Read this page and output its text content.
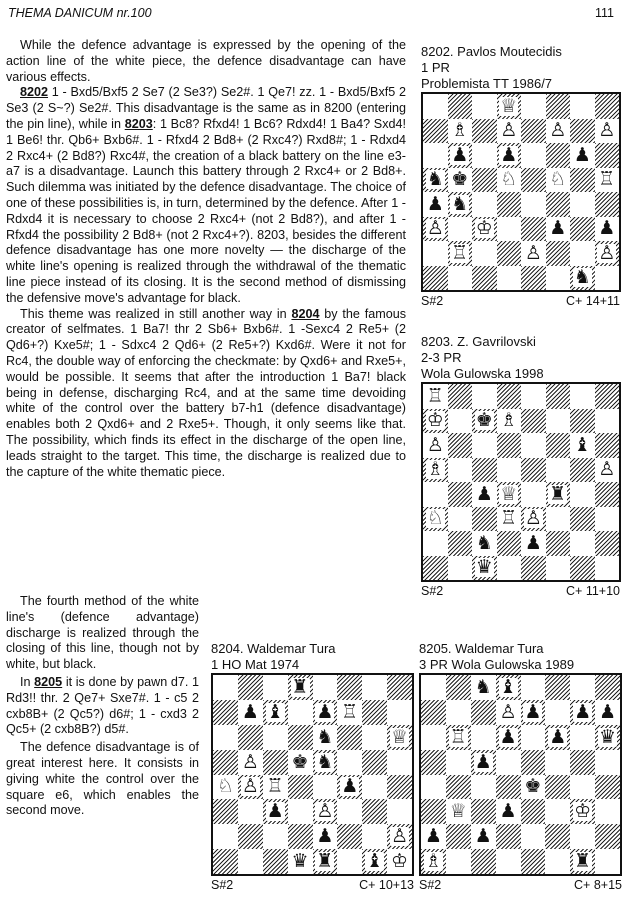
THEMA DANICUM nr.100	111

While the defence advantage is expressed by the opening of the action line of the white piece, the defence disadvantage can have various effects.

8202 1 - Bxd5/Bxf5 2 Se7 (2 Se3?) Se2#. 1 Qe7! zz. 1 - Bxd5/Bxf5 2 Se3 (2 S~?) Se2#. This disadvantage is the same as in 8200 (entering the pin line), while in 8203: 1 Bc8? Rfxd4! 1 Bc6? Rdxd4! 1 Ba4? Sxd4! 1 Be6! thr. Qb6+ Bxb6#. 1 - Rfxd4 2 Bd8+ (2 Rxc4?) Rxd8#; 1 - Rdxd4 2 Rxc4+ (2 Bd8?) Rxc4#, the creation of a black battery on the line e3-a7 is a disadvantage. Launch this battery through 2 Rxc4+ or 2 Bd8+. Such dilemma was initiated by the defence disadvantage. The choice of one of these possibilities is, in turn, determined by the defence. After 1 - Rdxd4 it is necessary to choose 2 Rxc4+ (not 2 Bd8?), and after 1 - Rfxd4 the possibility 2 Bd8+ (not 2 Rxc4+?). 8203, besides the different defence disadvantage has one more novelty — the discharge of the white line's opening is realized through the withdrawal of the thematic line piece instead of its closing. It is the second method of dismissing the defensive move's advantage for black.

This theme was realized in still another way in 8204 by the famous creator of selfmates. 1 Ba7! thr 2 Sb6+ Bxb6#. 1 -Sexc4 2 Re5+ (2 Qd6+?) Kxe5#; 1 - Sdxc4 2 Qd6+ (2 Re5+?) Kxd6#. Were it not for Rc4, the double way of enforcing the checkmate: by Qxd6+ and Rxe5+, would be possible. It seems that after the introduction 1 Ba7! black being in defense, discharging Rc4, and at the same time devoiding white of the control over the battery b7-h1 (defence disadvantage) enables both 2 Qxd6+ and 2 Rxe5+. Though, it only seems like that. The possibility, which finds its effect in the discharge of the open line, leads straight to the target. This time, the discharge is realized due to the capture of the white thematic piece.

The fourth method of the white line's (defence advantage) discharge is realized through the closing of this line, though not by white, but black.

In 8205 it is done by pawn d7. 1 Rd3!! thr. 2 Qe7+ Sxe7#. 1 - c5 2 cxb8B+ (2 Qc5?) d6#; 1 - cxd3 2 Qc5+ (2 cxb8B?) d5#.

The defence disadvantage is of great interest here. It consists in giving white the control over the square e6, which enables the second move.

8202. Pavlos Moutecidis
1 PR
Problemista TT 1986/7
♕
♗ ♙ ♙ ♙
♟ ♟	♟
♞ ♚ ♘ ♘ ♖
♟ ♞
♙ ♔	♟ ♟
♖	♙	♙
♞
S#2	C+ 14+11
8203. Z. Gavrilovski
2-3 PR
Wola Gulowska 1998
♖
♔ ♚ ♗
♙	♝
♗	♙
♟ ♕ ♜
♘	♖ ♙
♞ ♟
♛
S#2	C+ 11+10
8204. Waldemar Tura
1 HO Mat 1974
♜
♟ ♝ ♟ ♖
♞	♕
♙ ♚ ♞
♘ ♙ ♖	♟
♟ ♙
♟	♙
♛ ♜ ♝ ♔
S#2	C+ 10+13
8205. Waldemar Tura
3 PR Wola Gulowska 1989
♞ ♝
♙ ♟ ♟ ♟
♖ ♟ ♟ ♛
♟
♚
♕ ♟	♔
♟ ♟
♗	♜
S#2	C+ 8+15
